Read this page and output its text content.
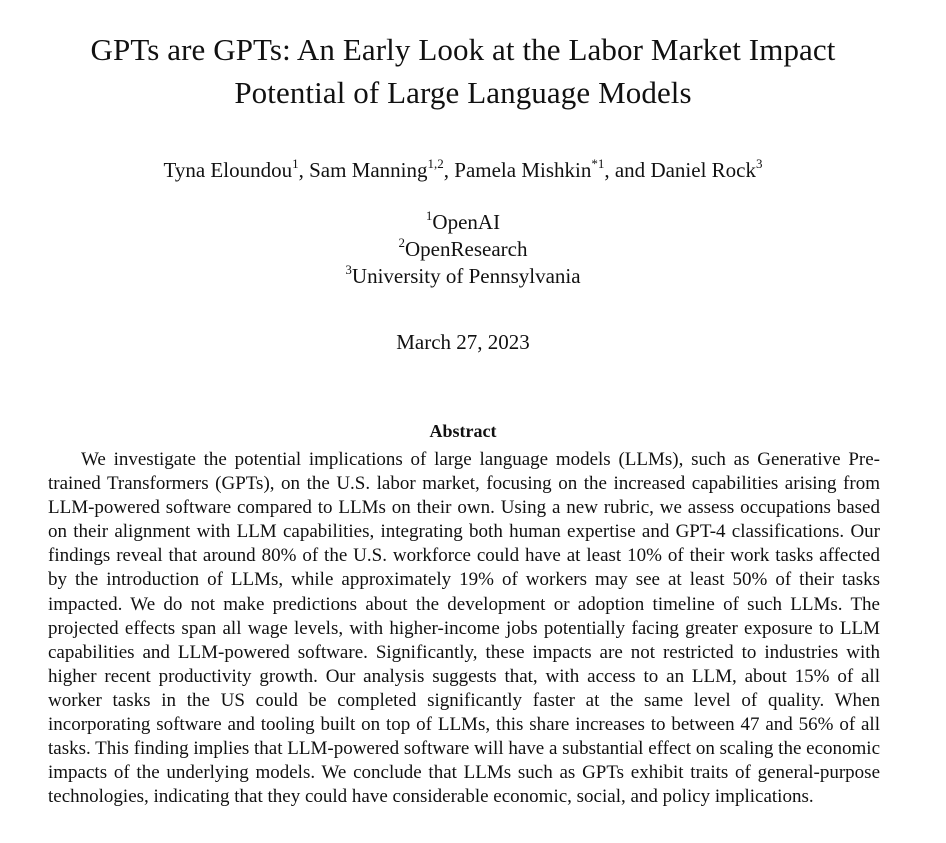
GPTs are GPTs: An Early Look at the Labor Market Impact
Potential of Large Language Models
Tyna Eloundou$^1$, Sam Manning$^{1,2}$, Pamela Mishkin$^{*1}$, and Daniel Rock$^3$
$^1$OpenAI
$^2$OpenResearch
$^3$University of Pennsylvania
March 27, 2023
Abstract

We investigate the potential implications of large language models (LLMs), such as Generative Pre-trained Transformers (GPTs), on the U.S. labor market, focusing on the increased capabilities arising from LLM-powered software compared to LLMs on their own. Using a new rubric, we assess occupations based on their alignment with LLM capabilities, integrating both human expertise and GPT-4 classifications. Our findings reveal that around 80% of the U.S. workforce could have at least 10% of their work tasks affected by the introduction of LLMs, while approximately 19% of workers may see at least 50% of their tasks impacted. We do not make predictions about the development or adoption timeline of such LLMs. The projected effects span all wage levels, with higher-income jobs potentially facing greater exposure to LLM capabilities and LLM-powered software. Significantly, these impacts are not restricted to industries with higher recent productivity growth. Our analysis suggests that, with access to an LLM, about 15% of all worker tasks in the US could be completed significantly faster at the same level of quality. When incorporating software and tooling built on top of LLMs, this share increases to between 47 and 56% of all tasks. This finding implies that LLM-powered software will have a substantial effect on scaling the economic impacts of the underlying models. We conclude that LLMs such as GPTs exhibit traits of general-purpose technologies, indicating that they could have considerable economic, social, and policy implications.
